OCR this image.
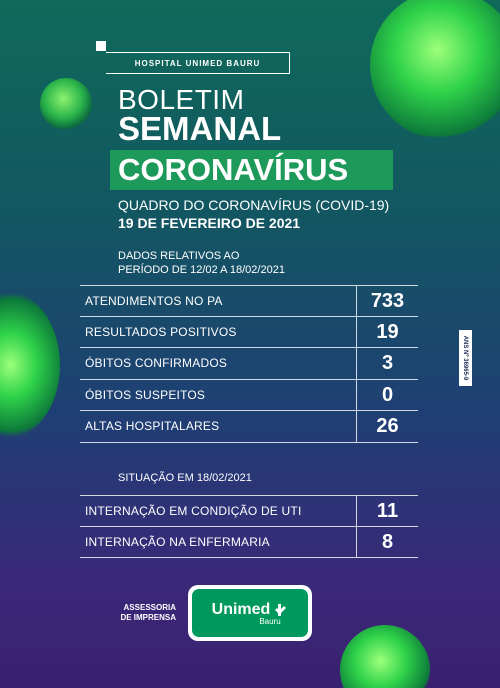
HOSPITAL UNIMED BAURU
BOLETIM
SEMANAL
CORONAVÍRUS
QUADRO DO CORONAVÍRUS (COVID-19)
19 DE FEVEREIRO DE 2021
DADOS RELATIVOS AO
PERÍODO DE 12/02 A 18/02/2021
ATENDIMENTOS NO PA	733
RESULTADOS POSITIVOS	19
ÓBITOS CONFIRMADOS	3
ÓBITOS SUSPEITOS	0
ALTAS HOSPITALARES	26
SITUAÇÃO EM 18/02/2021
INTERNAÇÃO EM CONDIÇÃO DE UTI	11
INTERNAÇÃO NA ENFERMARIA	8
ANS Nº 36965-9
ASSESSORIA
DE IMPRENSA Unimed
Bauru
